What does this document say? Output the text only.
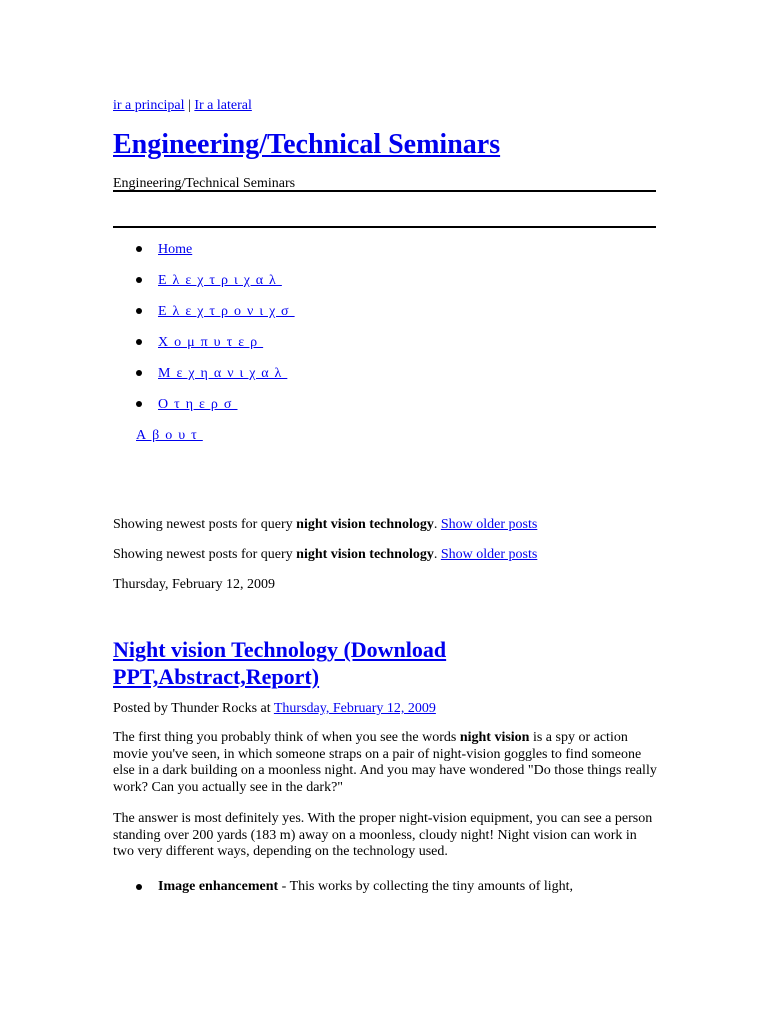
ir a principal | Ir a lateral
Engineering/Technical Seminars
Engineering/Technical Seminars
Home
Ελεχτριχαλ
Ελεχτρονιχσ
Χομπυτερ
Μεχηανιχαλ
Οτηερσ
Αβουτ
Showing newest posts for query night vision technology. Show older posts
Showing newest posts for query night vision technology. Show older posts
Thursday, February 12, 2009
Night vision Technology (Download PPT,Abstract,Report)
Posted by Thunder Rocks at Thursday, February 12, 2009

The first thing you probably think of when you see the words night vision is a spy or action movie you've seen, in which someone straps on a pair of night-vision goggles to find someone else in a dark building on a moonless night. And you may have wondered "Do those things really work? Can you actually see in the dark?"

The answer is most definitely yes. With the proper night-vision equipment, you can see a person standing over 200 yards (183 m) away on a moonless, cloudy night! Night vision can work in two very different ways, depending on the technology used.

Image enhancement - This works by collecting the tiny amounts of light,
